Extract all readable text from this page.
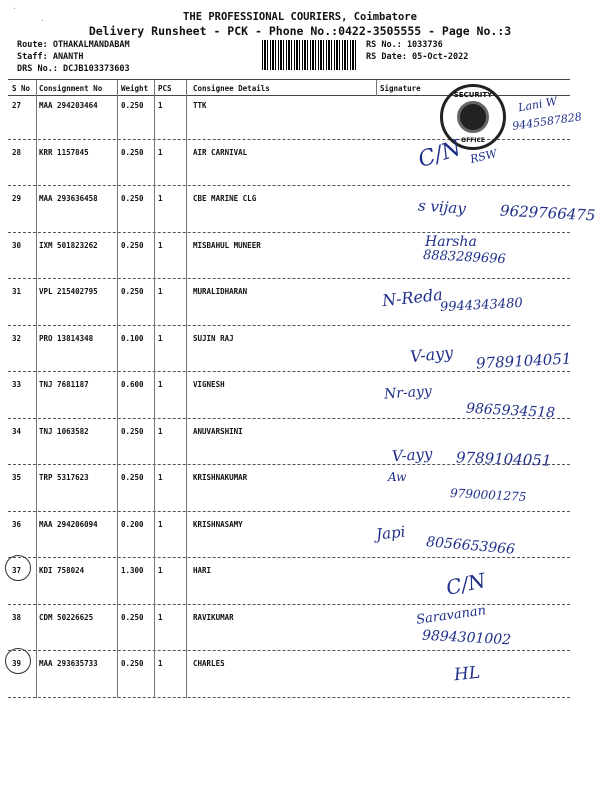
·
·	THE PROFESSIONAL COURIERS, Coimbatore
Delivery Runsheet - PCK - Phone No.:0422-3505555 - Page No.:3
Route: OTHAKALMANDABAM
Staff: ANANTH
DRS No.: DCJB103373603
RS No.: 1033736
RS Date: 05-Oct-2022
S No Consignment No	Weight PCS	Consignee Details	Signature
27 MAA 294203464	0.250 1	TTK
28 KRR 1157845	0.250 1	AIR CARNIVAL
29 MAA 293636458	0.250 1	CBE MARINE CLG
30 IXM 501823262	0.250 1	MISBAHUL MUNEER
31 VPL 215402795	0.250 1	MURALIDHARAN
32 PRO 13814348	0.100 1	SUJIN RAJ
33 TNJ 7681187	0.600 1	VIGNESH
34 TNJ 1063582	0.250 1	ANUVARSHINI
35 TRP 5317623	0.250 1	KRISHNAKUMAR
36 MAA 294206094	0.200 1	KRISHNASAMY
37 KDI 758024	1.300 1	HARI
38 CDM 50226625	0.250 1	RAVIKUMAR
39 MAA 293635733	0.250 1	CHARLES
SECURITY
OFFICE
Lani W
9445587828
C/N RSW
s vijay 9629766475
Harsha
8883289696
N-Reda
9944343480
V-ayy 9789104051
Nr-ayy
9865934518
V-ayy 9789104051
Aw
9790001275
Japi
8056653966
C/N
Saravanan
9894301002
HL
